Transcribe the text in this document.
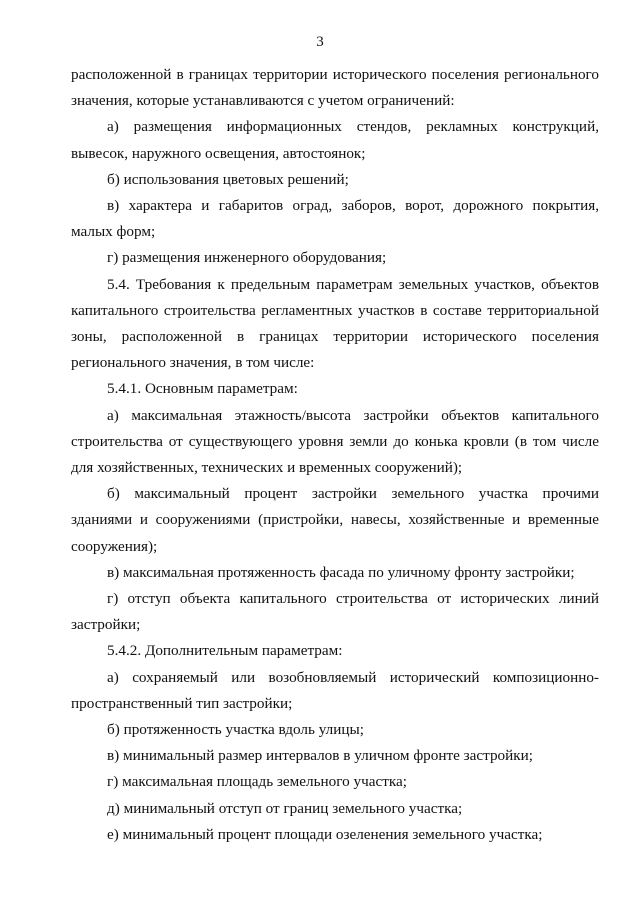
3

расположенной в границах территории исторического поселения регионального значения, которые устанавливаются с учетом ограничений:

а) размещения информационных стендов, рекламных конструкций, вывесок, наружного освещения, автостоянок;

б) использования цветовых решений;

в) характера и габаритов оград, заборов, ворот, дорожного покрытия, малых форм;

г) размещения инженерного оборудования;

5.4. Требования к предельным параметрам земельных участков, объектов капитального строительства регламентных участков в составе территориальной зоны, расположенной в границах территории исторического поселения регионального значения, в том числе:

5.4.1. Основным параметрам:

а) максимальная этажность/высота застройки объектов капитального строительства от существующего уровня земли до конька кровли (в том числе для хозяйственных, технических и временных сооружений);

б) максимальный процент застройки земельного участка прочими зданиями и сооружениями (пристройки, навесы, хозяйственные и временные сооружения);

в) максимальная протяженность фасада по уличному фронту застройки;

г) отступ объекта капитального строительства от исторических линий застройки;

5.4.2. Дополнительным параметрам:

а) сохраняемый или возобновляемый исторический композиционно-пространственный тип застройки;

б) протяженность участка вдоль улицы;

в) минимальный размер интервалов в уличном фронте застройки;

г) максимальная площадь земельного участка;

д) минимальный отступ от границ земельного участка;

е) минимальный процент площади озеленения земельного участка;
